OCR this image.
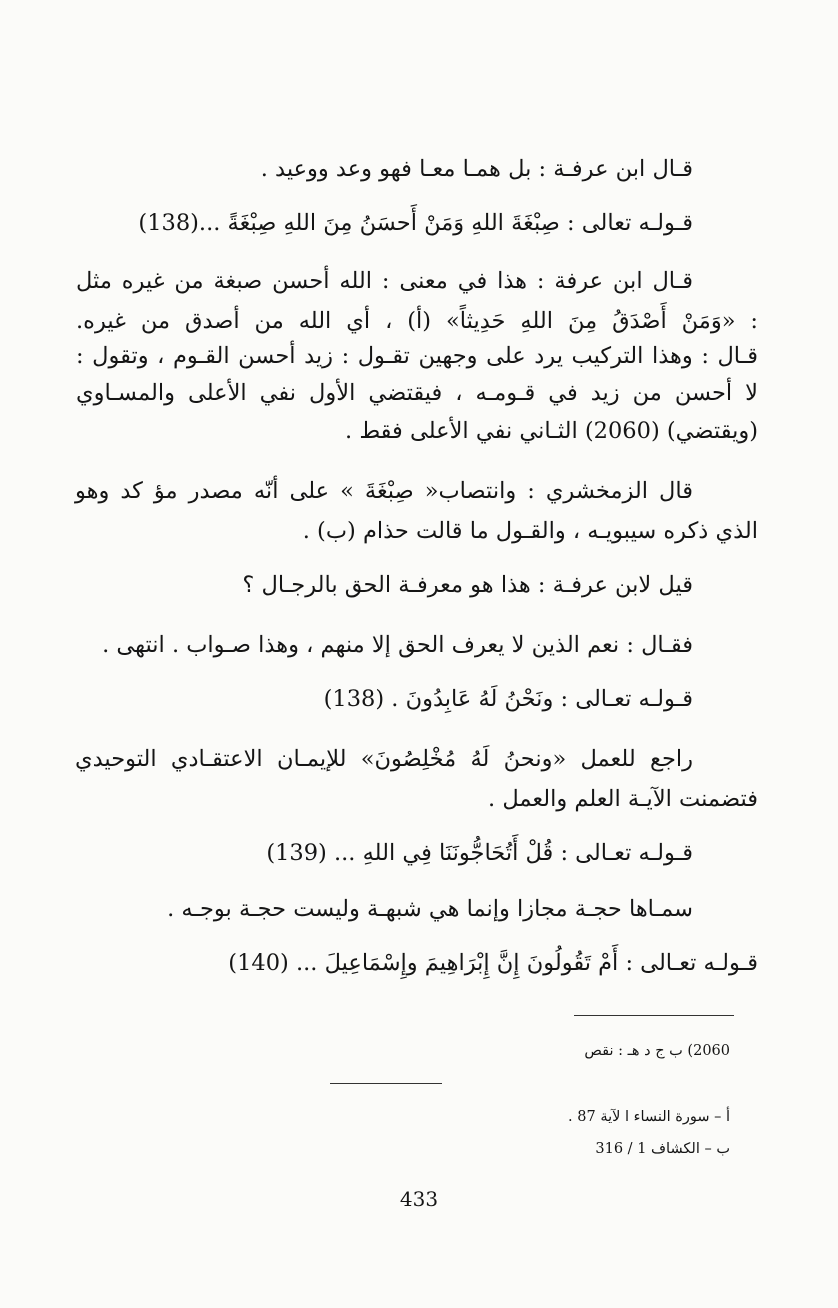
قـال ابن عرفـة : بل همـا معـا فهو وعد ووعيد .
قـولـه تعالى : صِبْغَةَ اللهِ وَمَنْ أَحسَنُ مِنَ اللهِ صِبْغَةً ...(138)
قـال ابن عرفة : هذا في معنى : الله أحسن صبغة من غيره مثل
: «وَمَنْ أَصْدَقُ مِنَ اللهِ حَدِيثاً» (أ) ، أي الله من أصدق من غيره.
قـال : وهذا التركيب يرد على وجهين تقـول : زيد أحسن القـوم ، وتقول :
لا أحسن من زيد في قـومـه ، فيقتضي الأول نفي الأعلى والمسـاوي
(ويقتضي) (2060) الثـاني نفي الأعلى فقط .
قال الزمخشري : وانتصاب« صِبْغَةَ » على أنّه مصدر مؤ كد وهو
الذي ذكره سيبويـه ، والقـول ما قالت حذام (ب) .
قيل لابن عرفـة : هذا هو معرفـة الحق بالرجـال ؟
فقـال : نعم الذين لا يعرف الحق إلا منهم ، وهذا صـواب . انتهى .
قـولـه تعـالى : ونَحْنُ لَهُ عَابِدُونَ . (138)
راجع للعمل «ونحنُ لَهُ مُخْلِصُونَ» للإيمـان الاعتقـادي التوحيدي
فتضمنت الآيـة العلم والعمل .
قـولـه تعـالى : قُلْ أَتُحَاجُّونَنَا فِي اللهِ ... (139)
سمـاها حجـة مجازا وإنما هي شبهـة وليست حجـة بوجـه .
قـولـه تعـالى : أَمْ تَقُولُونَ إِنَّ إِبْرَاهِيمَ وإِسْمَاعِيلَ ... (140)
2060) ب ج د هـ : نقص
أ – سورة النساء ا لآية 87 .
ب – الكشاف 1 / 316
433
